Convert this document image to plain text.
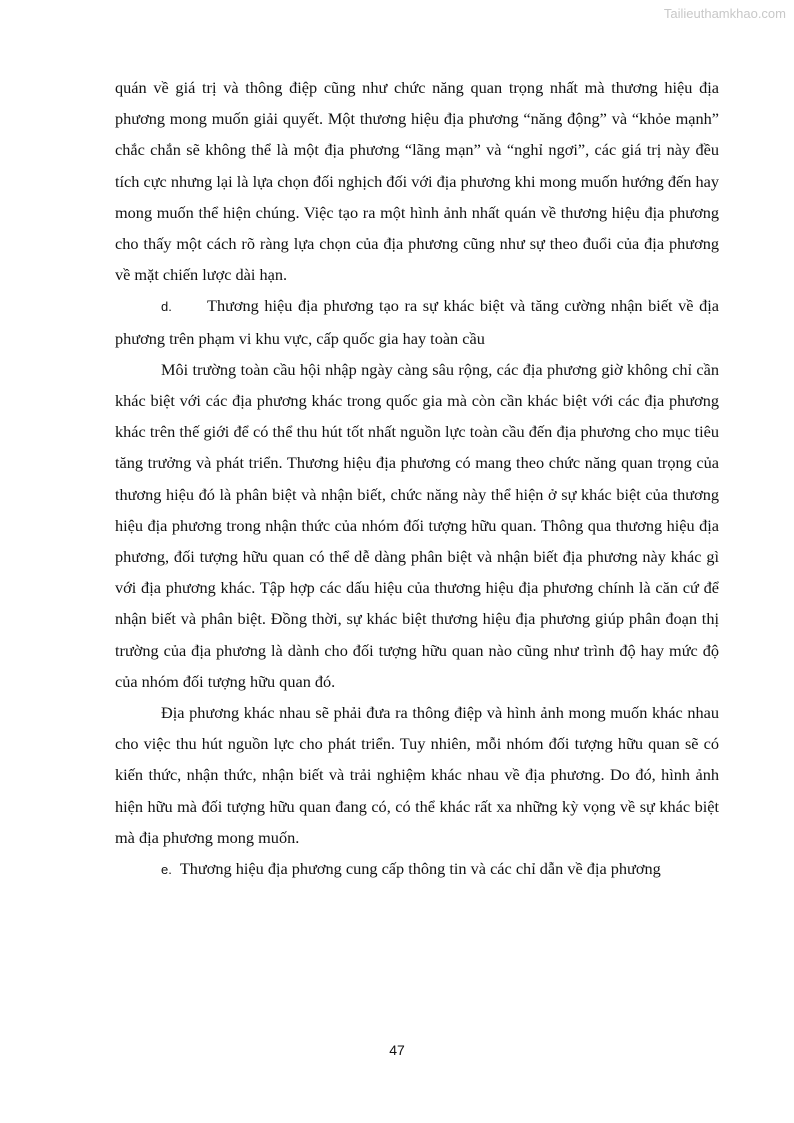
Tailieuthamkhao.com

quán về giá trị và thông điệp cũng như chức năng quan trọng nhất mà thương hiệu địa phương mong muốn giải quyết. Một thương hiệu địa phương “năng động” và “khỏe mạnh” chắc chắn sẽ không thể là một địa phương “lãng mạn” và “nghỉ ngơi”, các giá trị này đều tích cực nhưng lại là lựa chọn đối nghịch đối với địa phương khi mong muốn hướng đến hay mong muốn thể hiện chúng. Việc tạo ra một hình ảnh nhất quán về thương hiệu địa phương cho thấy một cách rõ ràng lựa chọn của địa phương cũng như sự theo đuổi của địa phương về mặt chiến lược dài hạn.

d. Thương hiệu địa phương tạo ra sự khác biệt và tăng cường nhận biết về địa phương trên phạm vi khu vực, cấp quốc gia hay toàn cầu

Môi trường toàn cầu hội nhập ngày càng sâu rộng, các địa phương giờ không chỉ cần khác biệt với các địa phương khác trong quốc gia mà còn cần khác biệt với các địa phương khác trên thế giới để có thể thu hút tốt nhất nguồn lực toàn cầu đến địa phương cho mục tiêu tăng trưởng và phát triển. Thương hiệu địa phương có mang theo chức năng quan trọng của thương hiệu đó là phân biệt và nhận biết, chức năng này thể hiện ở sự khác biệt của thương hiệu địa phương trong nhận thức của nhóm đối tượng hữu quan. Thông qua thương hiệu địa phương, đối tượng hữu quan có thể dễ dàng phân biệt và nhận biết địa phương này khác gì với địa phương khác. Tập hợp các dấu hiệu của thương hiệu địa phương chính là căn cứ để nhận biết và phân biệt. Đồng thời, sự khác biệt thương hiệu địa phương giúp phân đoạn thị trường của địa phương là dành cho đối tượng hữu quan nào cũng như trình độ hay mức độ của nhóm đối tượng hữu quan đó.

Địa phương khác nhau sẽ phải đưa ra thông điệp và hình ảnh mong muốn khác nhau cho việc thu hút nguồn lực cho phát triển. Tuy nhiên, mỗi nhóm đối tượng hữu quan sẽ có kiến thức, nhận thức, nhận biết và trải nghiệm khác nhau về địa phương. Do đó, hình ảnh hiện hữu mà đối tượng hữu quan đang có, có thể khác rất xa những kỳ vọng về sự khác biệt mà địa phương mong muốn.

e. Thương hiệu địa phương cung cấp thông tin và các chỉ dẫn về địa phương

47
